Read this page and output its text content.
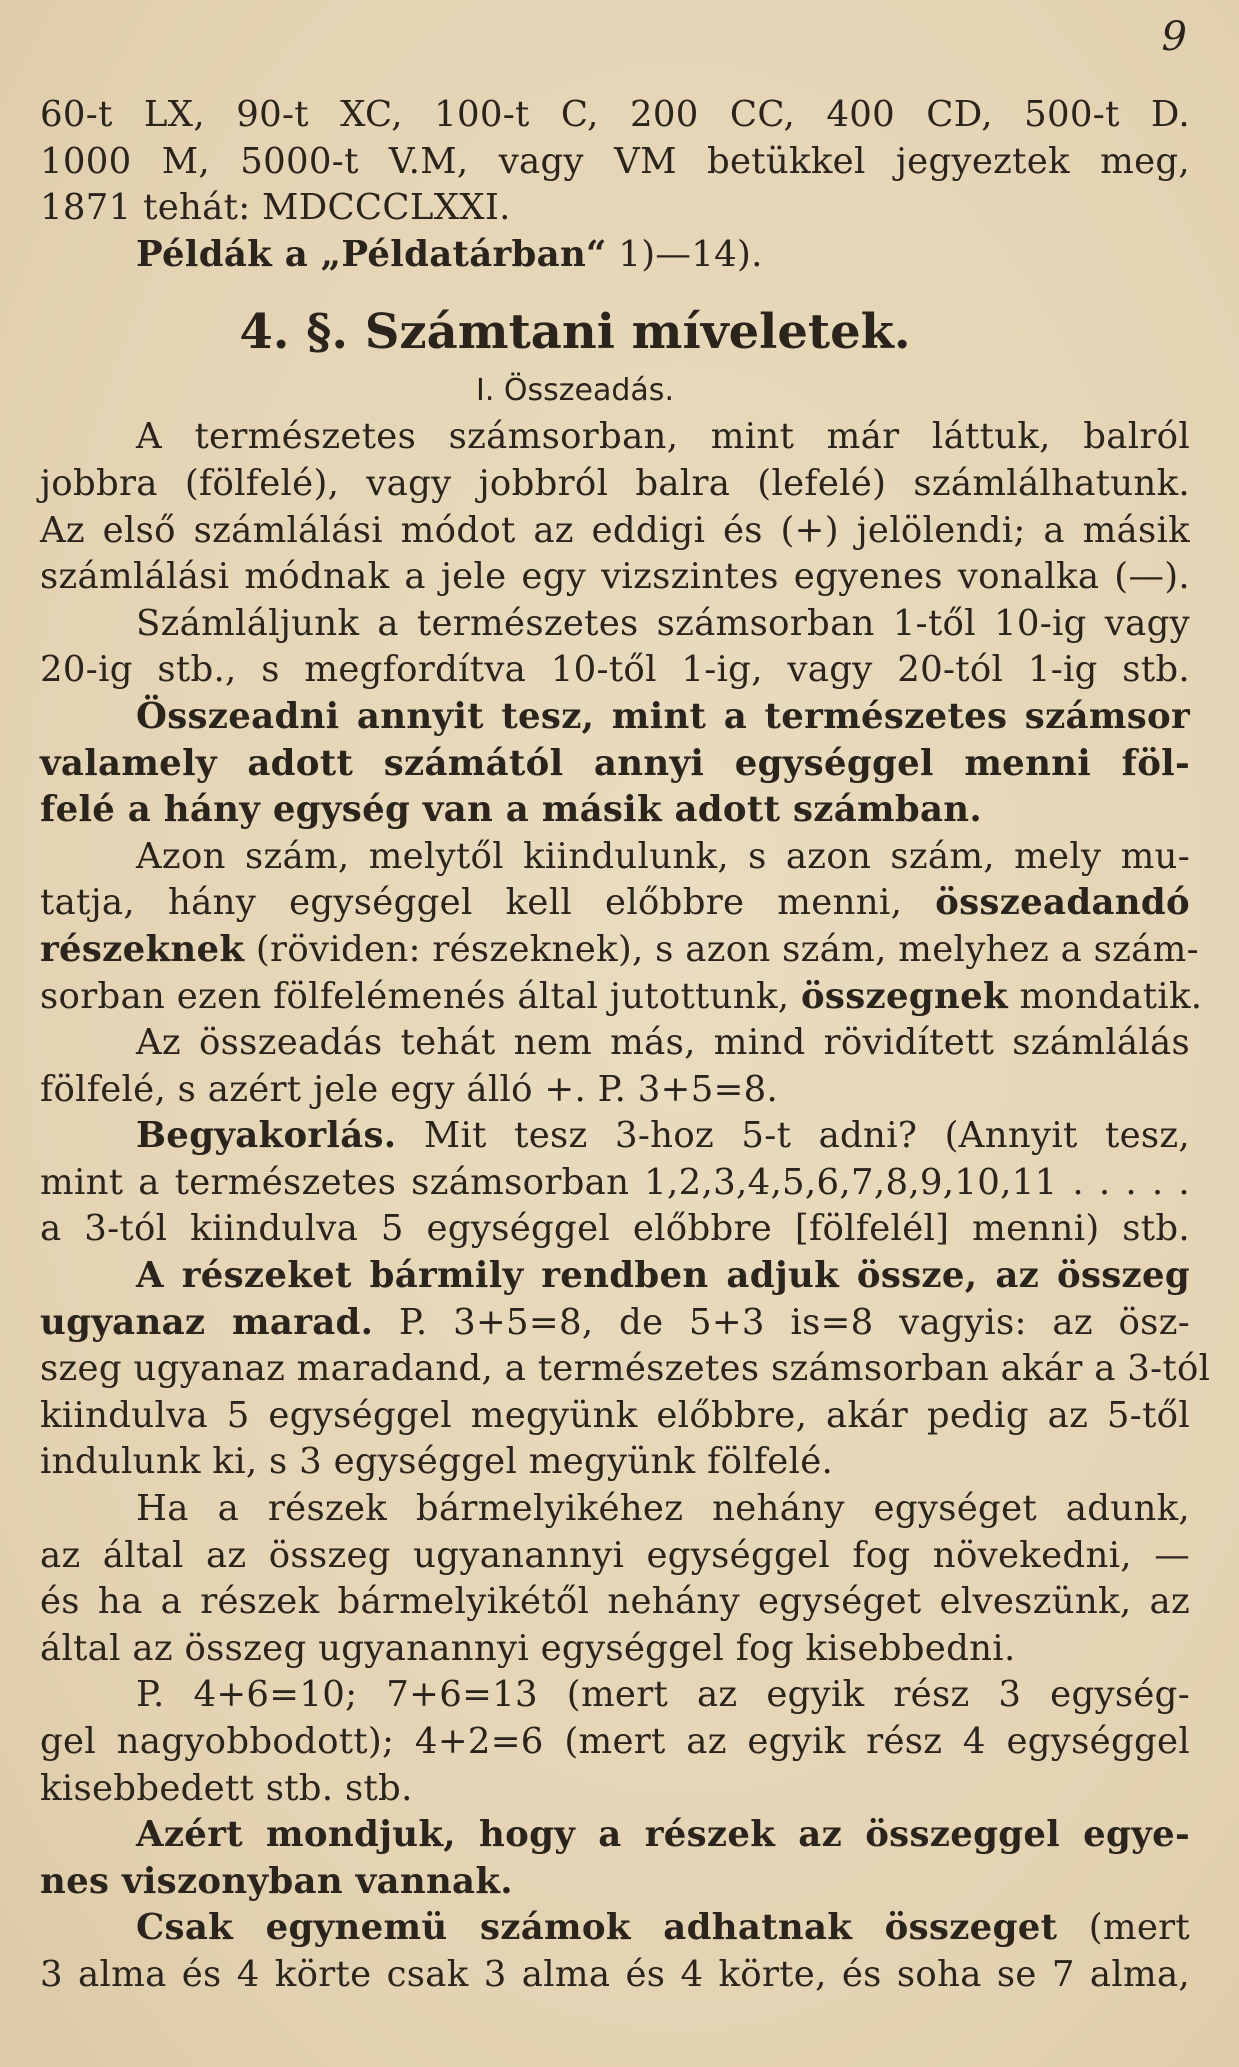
9
60-t LX, 90-t XC, 100-t C, 200 CC, 400 CD, 500-t D.
1000 M, 5000-t V.M, vagy VM betükkel jegyeztek meg,
1871 tehát: MDCCCLXXI.
Példák a „Példatárban“ 1)—14).
4. §. Számtani míveletek.
I. Összeadás.
A természetes számsorban, mint már láttuk, balról
jobbra (fölfelé), vagy jobbról balra (lefelé) számlálhatunk.
Az első számlálási módot az eddigi és (+) jelölendi; a másik
számlálási módnak a jele egy vizszintes egyenes vonalka (—).
Számláljunk a természetes számsorban 1-től 10-ig vagy
20-ig stb., s megfordítva 10-től 1-ig, vagy 20-tól 1-ig stb.
Összeadni annyit tesz, mint a természetes számsor
valamely adott számától annyi egységgel menni föl-
felé a hány egység van a másik adott számban.
Azon szám, melytől kiindulunk, s azon szám, mely mu-
tatja, hány egységgel kell előbbre menni, összeadandó
részeknek (röviden: részeknek), s azon szám, melyhez a szám-
sorban ezen fölfelémenés által jutottunk, összegnek mondatik.
Az összeadás tehát nem más, mind rövidített számlálás
fölfelé, s azért jele egy álló +. P. 3+5=8.
Begyakorlás. Mit tesz 3-hoz 5-t adni? (Annyit tesz,
mint a természetes számsorban 1,2,3,4,5,6,7,8,9,10,11 . . . . .
a 3-tól kiindulva 5 egységgel előbbre [fölfelél] menni) stb.
A részeket bármily rendben adjuk össze, az összeg
ugyanaz marad. P. 3+5=8, de 5+3 is=8 vagyis: az ösz-
szeg ugyanaz maradand, a természetes számsorban akár a 3-tól
kiindulva 5 egységgel megyünk előbbre, akár pedig az 5-től
indulunk ki, s 3 egységgel megyünk fölfelé.
Ha a részek bármelyikéhez nehány egységet adunk,
az által az összeg ugyanannyi egységgel fog növekedni, —
és ha a részek bármelyikétől nehány egységet elveszünk, az
által az összeg ugyanannyi egységgel fog kisebbedni.
P. 4+6=10; 7+6=13 (mert az egyik rész 3 egység-
gel nagyobbodott); 4+2=6 (mert az egyik rész 4 egységgel
kisebbedett stb. stb.
Azért mondjuk, hogy a részek az összeggel egye-
nes viszonyban vannak.
Csak egynemü számok adhatnak összeget (mert
3 alma és 4 körte csak 3 alma és 4 körte, és soha se 7 alma,
